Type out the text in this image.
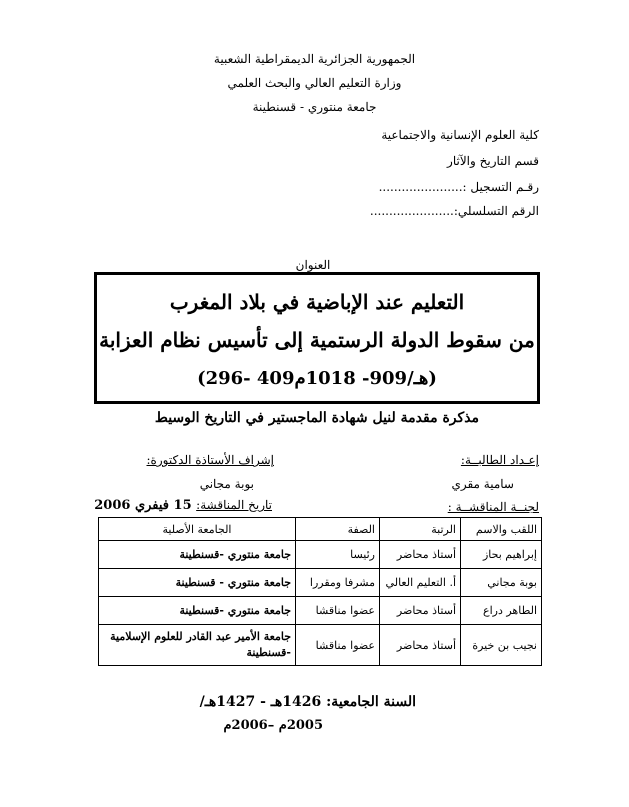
الجمهورية الجزائرية الديمقراطية الشعبية
وزارة التعليم العالي والبحث العلمي
جامعة منتوري - قسنطينة
كلية العلوم الإنسانية والاجتماعية
قسم التاريخ والآثار
رقـم التسجيل :......................
الرقم التسلسلي:......................
العنوان
التعليم عند الإباضية في بلاد المغرب
من سقوط الدولة الرستمية إلى تأسيس نظام العزابة
(296- 409هـ/909- 1018م)
مذكرة مقدمة لنيل شهادة الماجستير في التاريخ الوسيط
إعـداد الطالبــة:
إشراف الأستاذة الدكتورة:
سامية مقري
بوبة مجاني
لجنــة المناقشــة :
تاريخ المناقشة: 15 فيفري 2006
اللقب والاسم	الرتبة	الصفة	الجامعة الأصلية
إبراهيم بحاز	أستاذ محاضر	رئيسا	جامعة منتوري -قسنطينة
بوبة مجاني	أ. التعليم العالي	مشرفا ومقررا	جامعة منتوري - قسنطينة
الطاهر دراع	أستاذ محاضر	عضوا مناقشا	جامعة منتوري -قسنطينة
نجيب بن خيرة	أستاذ محاضر	عضوا مناقشا	جامعة الأمير عبد القادر للعلوم الإسلامية -قسنطينة
السنة الجامعية: 1426هـ - 1427هـ/
2005م –2006م
